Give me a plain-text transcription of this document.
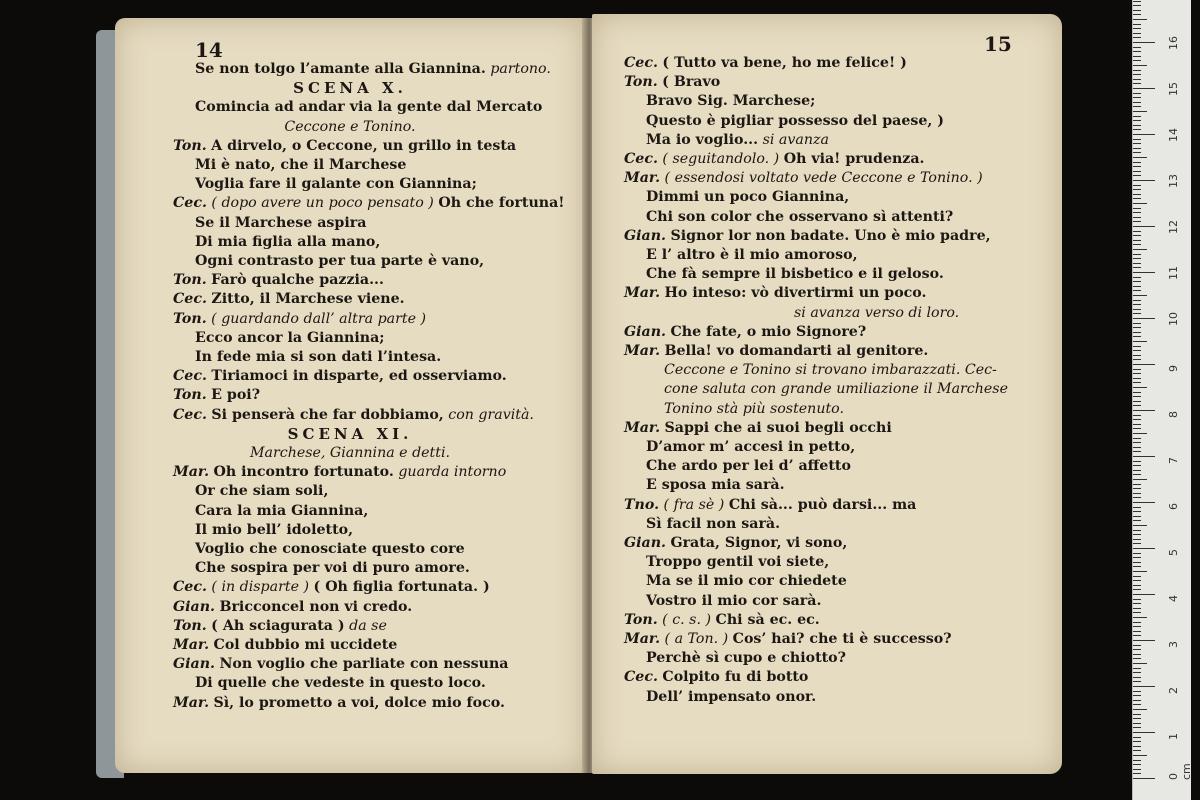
14
Se non tolgo l’amante alla Giannina. partono.
SCENA X.
Comincia ad andar via la gente dal Mercato
Ceccone e Tonino.
Ton. A dirvelo, o Ceccone, un grillo in testa
Mi è nato, che il Marchese
Voglia fare il galante con Giannina;
Cec. ( dopo avere un poco pensato ) Oh che fortuna!
Se il Marchese aspira
Di mia figlia alla mano,
Ogni contrasto per tua parte è vano,
Ton. Farò qualche pazzia...
Cec. Zitto, il Marchese viene.
Ton. ( guardando dall’ altra parte )
Ecco ancor la Giannina;
In fede mia si son dati l’intesa.
Cec. Tiriamoci in disparte, ed osserviamo.
Ton. E poi?
Cec. Si penserà che far dobbiamo, con gravità.
SCENA XI.
Marchese, Giannina e detti.
Mar. Oh incontro fortunato. guarda intorno
Or che siam soli,
Cara la mia Giannina,
Il mio bell’ idoletto,
Voglio che conosciate questo core
Che sospira per voi di puro amore.
Cec. ( in disparte ) ( Oh figlia fortunata. )
Gian. Bricconcel non vi credo.
Ton. ( Ah sciagurata ) da se
Mar. Col dubbio mi uccidete
Gian. Non voglio che parliate con nessuna
Di quelle che vedeste in questo loco.
Mar. Sì, lo prometto a voi, dolce mio foco.
15
Cec. ( Tutto va bene, ho me felice! )
Ton. ( Bravo
Bravo Sig. Marchese;
Questo è pigliar possesso del paese, )
Ma io voglio... si avanza
Cec. ( seguitandolo. ) Oh via! prudenza.
Mar. ( essendosi voltato vede Ceccone e Tonino. )
Dimmi un poco Giannina,
Chi son color che osservano sì attenti?
Gian. Signor lor non badate. Uno è mio padre,
E l’ altro è il mio amoroso,
Che fà sempre il bisbetico e il geloso.
Mar. Ho inteso: vò divertirmi un poco.
si avanza verso di loro.
Gian. Che fate, o mio Signore?
Mar. Bella! vo domandarti al genitore.
Ceccone e Tonino si trovano imbarazzati. Cec-
cone saluta con grande umiliazione il Marchese
Tonino stà più sostenuto.
Mar. Sappi che ai suoi begli occhi
D’amor m’ accesi in petto,
Che ardo per lei d’ affetto
E sposa mia sarà.
Tno. ( fra sè ) Chi sà... può darsi... ma
Sì facil non sarà.
Gian. Grata, Signor, vi sono,
Troppo gentil voi siete,
Ma se il mio cor chiedete
Vostro il mio cor sarà.
Ton. ( c. s. ) Chi sà ec. ec.
Mar. ( a Ton. ) Cos’ hai? che ti è successo?
Perchè sì cupo e chiotto?
Cec. Colpito fu di botto
Dell’ impensato onor.
0 cm
1
2
3
4
5
6
7
8
9
10
11
12
13
14
15
16
